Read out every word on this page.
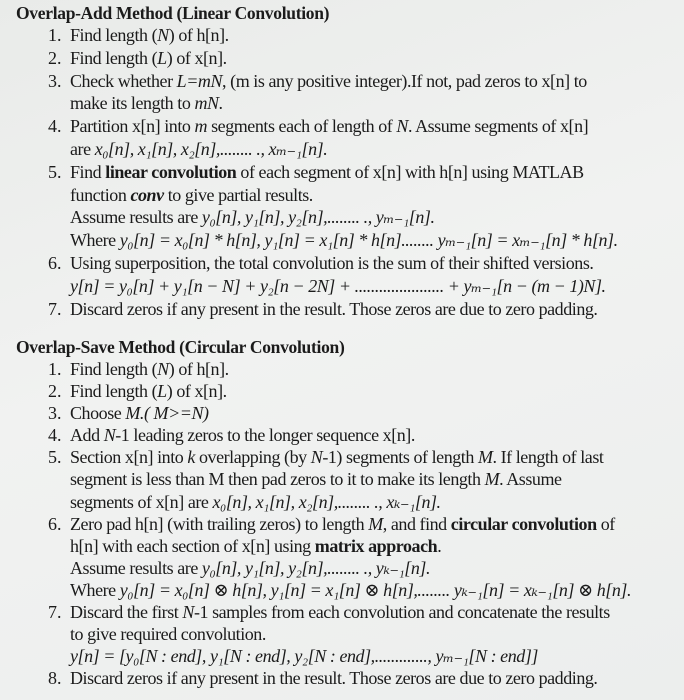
Overlap-Add Method (Linear Convolution)
1. Find length (N) of h[n].
2. Find length (L) of x[n].
3. Check whether L=mN, (m is any positive integer).If not, pad zeros to x[n] to
make its length to mN.
4. Partition x[n] into m segments each of length of N. Assume segments of x[n]
are x₀[n], x₁[n], x₂[n],........ ., xₘ₋₁[n].
5. Find linear convolution of each segment of x[n] with h[n] using MATLAB
function conv to give partial results.
Assume results are y₀[n], y₁[n], y₂[n],........ ., yₘ₋₁[n].
Where y₀[n] = x₀[n] * h[n], y₁[n] = x₁[n] * h[n]........ yₘ₋₁[n] = xₘ₋₁[n] * h[n].
6. Using superposition, the total convolution is the sum of their shifted versions.
y[n] = y₀[n] + y₁[n − N] + y₂[n − 2N] + ...................... + yₘ₋₁[n − (m − 1)N].
7. Discard zeros if any present in the result. Those zeros are due to zero padding.
Overlap-Save Method (Circular Convolution)
1. Find length (N) of h[n].
2. Find length (L) of x[n].
3. Choose M.( M>=N)
4. Add N-1 leading zeros to the longer sequence x[n].
5. Section x[n] into k overlapping (by N-1) segments of length M. If length of last
segment is less than M then pad zeros to it to make its length M. Assume
segments of x[n] are x₀[n], x₁[n], x₂[n],........ ., xₖ₋₁[n].
6. Zero pad h[n] (with trailing zeros) to length M, and find circular convolution of
h[n] with each section of x[n] using matrix approach.
Assume results are y₀[n], y₁[n], y₂[n],........ ., yₖ₋₁[n].
Where y₀[n] = x₀[n] ⊗ h[n], y₁[n] = x₁[n] ⊗ h[n],........ yₖ₋₁[n] = xₖ₋₁[n] ⊗ h[n].
7. Discard the first N-1 samples from each convolution and concatenate the results
to give required convolution.
y[n] = [y₀[N : end], y₁[N : end], y₂[N : end],............., yₘ₋₁[N : end]]
8. Discard zeros if any present in the result. Those zeros are due to zero padding.
